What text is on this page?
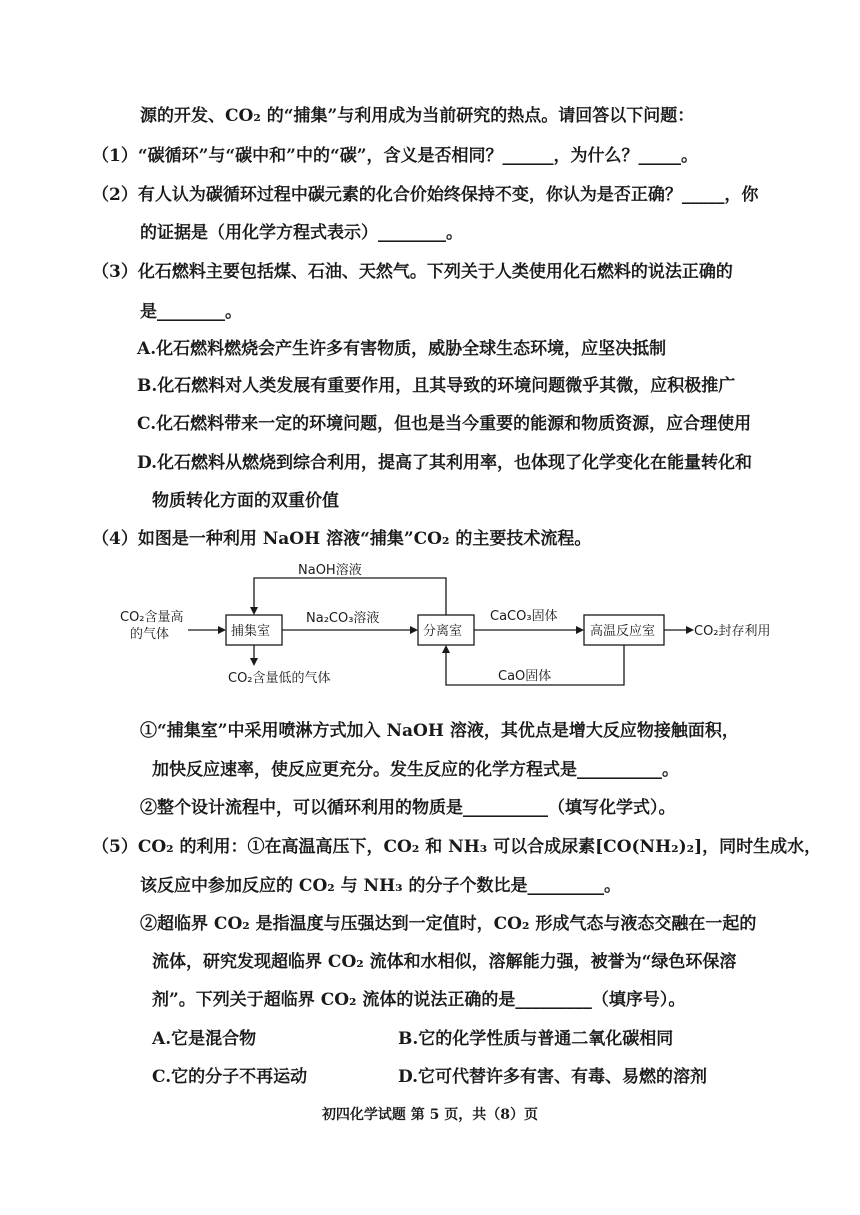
源的开发、CO₂ 的“捕集”与利用成为当前研究的热点。请回答以下问题：
（1）“碳循环”与“碳中和”中的“碳”，含义是否相同？______，为什么？_____。
（2）有人认为碳循环过程中碳元素的化合价始终保持不变，你认为是否正确？_____，你
的证据是（用化学方程式表示）________。
（3）化石燃料主要包括煤、石油、天然气。下列关于人类使用化石燃料的说法正确的
是________。
A.化石燃料燃烧会产生许多有害物质，威胁全球生态环境，应坚决抵制
B.化石燃料对人类发展有重要作用，且其导致的环境问题微乎其微，应积极推广
C.化石燃料带来一定的环境问题，但也是当今重要的能源和物质资源，应合理使用
D.化石燃料从燃烧到综合利用，提高了其利用率，也体现了化学变化在能量转化和
物质转化方面的双重价值
（4）如图是一种利用 NaOH 溶液“捕集”CO₂ 的主要技术流程。
CO₂含量高
的气体	捕集室
Na₂CO₃溶液
分离室
NaOH溶液
CaCO₃固体
高温反应室	CO₂封存利用
CaO固体
CO₂含量低的气体
①“捕集室”中采用喷淋方式加入 NaOH 溶液，其优点是增大反应物接触面积，
加快反应速率，使反应更充分。发生反应的化学方程式是__________。
②整个设计流程中，可以循环利用的物质是__________（填写化学式）。
（5）CO₂ 的利用：①在高温高压下，CO₂ 和 NH₃ 可以合成尿素[CO(NH₂)₂]，同时生成水，
该反应中参加反应的 CO₂ 与 NH₃ 的分子个数比是_________。
②超临界 CO₂ 是指温度与压强达到一定值时，CO₂ 形成气态与液态交融在一起的
流体，研究发现超临界 CO₂ 流体和水相似，溶解能力强，被誉为“绿色环保溶
剂”。下列关于超临界 CO₂ 流体的说法正确的是_________（填序号）。
A.它是混合物	B.它的化学性质与普通二氧化碳相同
C.它的分子不再运动	D.它可代替许多有害、有毒、易燃的溶剂
初四化学试题 第 5 页，共（8）页
